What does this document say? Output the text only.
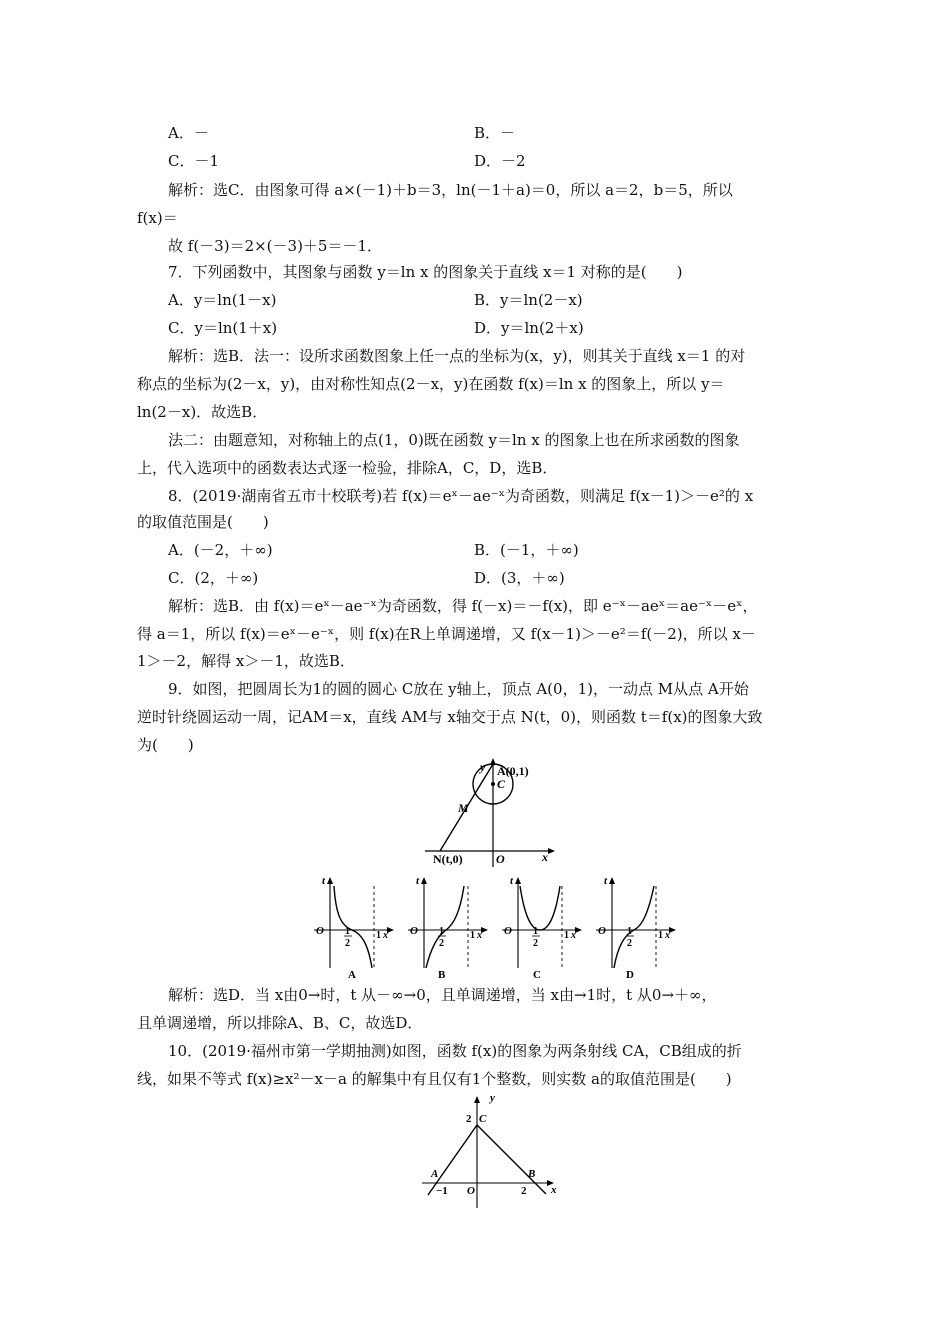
A．－	B．－
C．－1	D．－2
解析：选C．由图象可得 a×(－1)＋b＝3，ln(－1＋a)＝0，所以 a＝2，b＝5，所以
f(x)＝
故 f(－3)＝2×(－3)＋5＝－1．
7．下列函数中，其图象与函数 y＝ln x 的图象关于直线 x＝1 对称的是(　　)
A．y＝ln(1－x)	B．y＝ln(2－x)
C．y＝ln(1＋x)	D．y＝ln(2＋x)
解析：选B．法一：设所求函数图象上任一点的坐标为(x，y)，则其关于直线 x＝1 的对
称点的坐标为(2－x，y)，由对称性知点(2－x，y)在函数 f(x)＝ln x 的图象上，所以 y＝
ln(2－x)．故选B．
法二：由题意知，对称轴上的点(1，0)既在函数 y＝ln x 的图象上也在所求函数的图象
上，代入选项中的函数表达式逐一检验，排除A，C，D，选B．
8．(2019·湖南省五市十校联考)若 f(x)＝eˣ－ae⁻ˣ为奇函数，则满足 f(x－1)＞－e²的 x
的取值范围是(　　)
A．(－2，＋∞)	B．(－1，＋∞)
C．(2，＋∞)	D．(3，＋∞)
解析：选B．由 f(x)＝eˣ－ae⁻ˣ为奇函数，得 f(－x)＝－f(x)，即 e⁻ˣ－aeˣ＝ae⁻ˣ－eˣ，
得 a＝1，所以 f(x)＝eˣ－e⁻ˣ，则 f(x)在R上单调递增，又 f(x－1)＞－e²＝f(－2)，所以 x－
1＞－2，解得 x＞－1，故选B．
9．如图，把圆周长为1的圆的圆心 C放在 y轴上，顶点 A(0，1)，一动点 M从点 A开始
逆时针绕圆运动一周，记AM＝x，直线 AM与 x轴交于点 N(t，0)，则函数 t＝f(x)的图象大致
为(　　)
y A(0,1)
C
M
N(t,0)	O	x
t
O 1
2
1 x
A
t
O 1
2
1 x
B
t
O 1
2
1 x
C
t
O 1
2
1 x
D
解析：选D．当 x由0→时，t 从－∞→0，且单调递增，当 x由→1时，t 从0→＋∞，
且单调递增，所以排除A、B、C，故选D．
10．(2019·福州市第一学期抽测)如图，函数 f(x)的图象为两条射线 CA，CB组成的折
线，如果不等式 f(x)≥x²－x－a 的解集中有且仅有1个整数，则实数 a的取值范围是(　　)
y
2 C
A
−1 O	2
B
x
